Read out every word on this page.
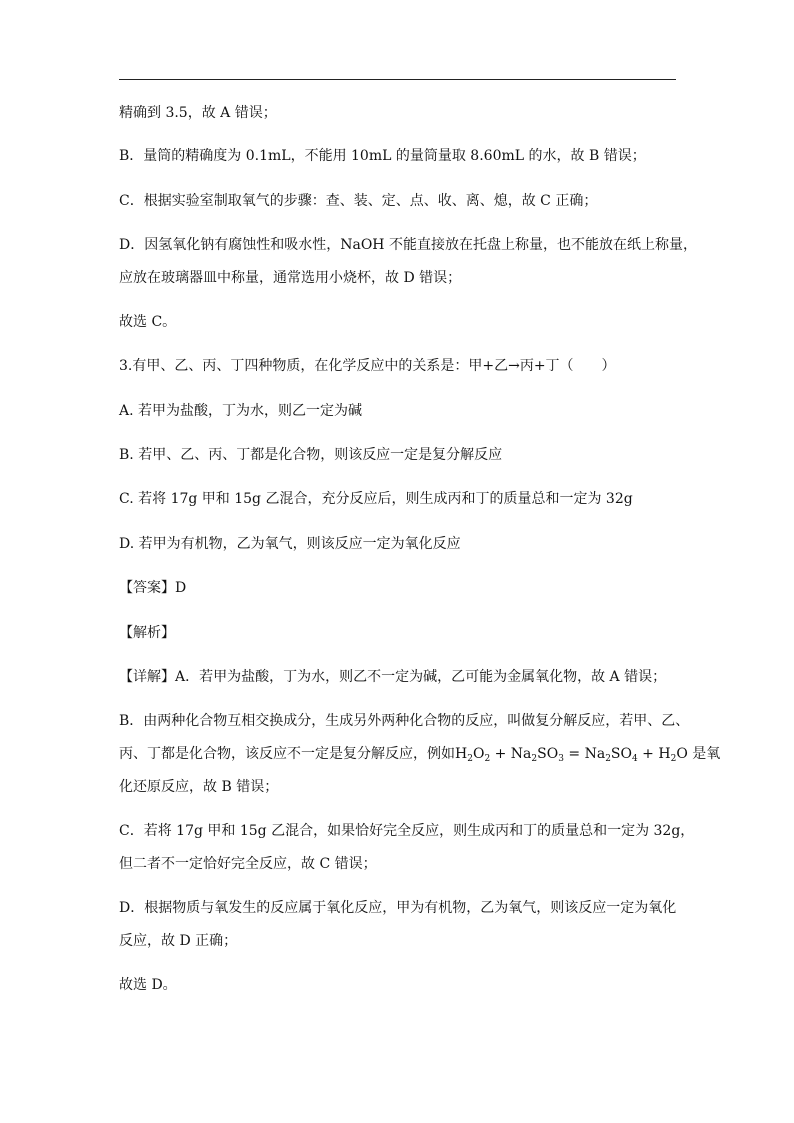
精确到 3.5，故 A 错误；
B．量筒的精确度为 0.1mL，不能用 10mL 的量筒量取 8.60mL 的水，故 B 错误；
C．根据实验室制取氧气的步骤：查、装、定、点、收、离、熄，故 C 正确；
D．因氢氧化钠有腐蚀性和吸水性，NaOH 不能直接放在托盘上称量，也不能放在纸上称量，
应放在玻璃器皿中称量，通常选用小烧杯，故 D 错误；
故选 C。
3.有甲、乙、丙、丁四种物质，在化学反应中的关系是：甲+乙→丙+丁（　　）
A. 若甲为盐酸，丁为水，则乙一定为碱
B. 若甲、乙、丙、丁都是化合物，则该反应一定是复分解反应
C. 若将 17g 甲和 15g 乙混合，充分反应后，则生成丙和丁的质量总和一定为 32g
D. 若甲为有机物，乙为氧气，则该反应一定为氧化反应
【答案】D
【解析】
【详解】A．若甲为盐酸，丁为水，则乙不一定为碱，乙可能为金属氧化物，故 A 错误；
B．由两种化合物互相交换成分，生成另外两种化合物的反应，叫做复分解反应，若甲、乙、
丙、丁都是化合物，该反应不一定是复分解反应，例如$H_2O_2 + Na_2SO_3 = Na_2SO_4 + H_2O$ 是氧
化还原反应，故 B 错误；
C．若将 17g 甲和 15g 乙混合，如果恰好完全反应，则生成丙和丁的质量总和一定为 32g，
但二者不一定恰好完全反应，故 C 错误；
D．根据物质与氧发生的反应属于氧化反应，甲为有机物，乙为氧气，则该反应一定为氧化
反应，故 D 正确；
故选 D。
